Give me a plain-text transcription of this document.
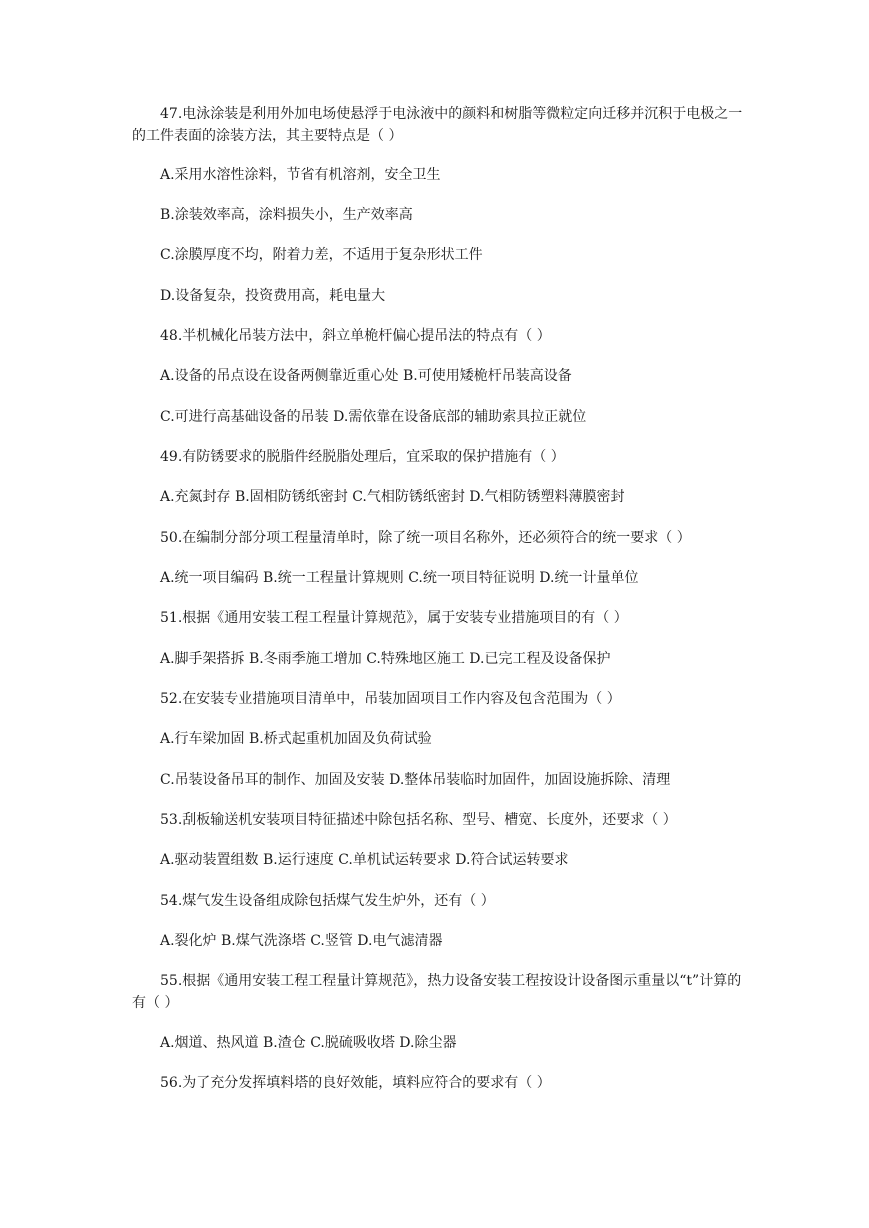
47.电泳涂装是利用外加电场使悬浮于电泳液中的颜料和树脂等微粒定向迁移并沉积于电极之一的工件表面的涂装方法，其主要特点是（ ）
A.采用水溶性涂料，节省有机溶剂，安全卫生
B.涂装效率高，涂料损失小，生产效率高
C.涂膜厚度不均，附着力差，不适用于复杂形状工件
D.设备复杂，投资费用高，耗电量大
48.半机械化吊装方法中，斜立单桅杆偏心提吊法的特点有（ ）
A.设备的吊点设在设备两侧靠近重心处 B.可使用矮桅杆吊装高设备
C.可进行高基础设备的吊装 D.需依靠在设备底部的辅助索具拉正就位
49.有防锈要求的脱脂件经脱脂处理后，宜采取的保护措施有（ ）
A.充氮封存 B.固相防锈纸密封 C.气相防锈纸密封 D.气相防锈塑料薄膜密封
50.在编制分部分项工程量清单时，除了统一项目名称外，还必须符合的统一要求（ ）
A.统一项目编码 B.统一工程量计算规则 C.统一项目特征说明 D.统一计量单位
51.根据《通用安装工程工程量计算规范》，属于安装专业措施项目的有（ ）
A.脚手架搭拆 B.冬雨季施工增加 C.特殊地区施工 D.已完工程及设备保护
52.在安装专业措施项目清单中，吊装加固项目工作内容及包含范围为（ ）
A.行车梁加固 B.桥式起重机加固及负荷试验
C.吊装设备吊耳的制作、加固及安装 D.整体吊装临时加固件，加固设施拆除、清理
53.刮板输送机安装项目特征描述中除包括名称、型号、槽宽、长度外，还要求（ ）
A.驱动装置组数 B.运行速度 C.单机试运转要求 D.符合试运转要求
54.煤气发生设备组成除包括煤气发生炉外，还有（ ）
A.裂化炉 B.煤气洗涤塔 C.竖管 D.电气滤清器
55.根据《通用安装工程工程量计算规范》，热力设备安装工程按设计设备图示重量以“t”计算的有（ ）
A.烟道、热风道 B.渣仓 C.脱硫吸收塔 D.除尘器
56.为了充分发挥填料塔的良好效能，填料应符合的要求有（ ）
